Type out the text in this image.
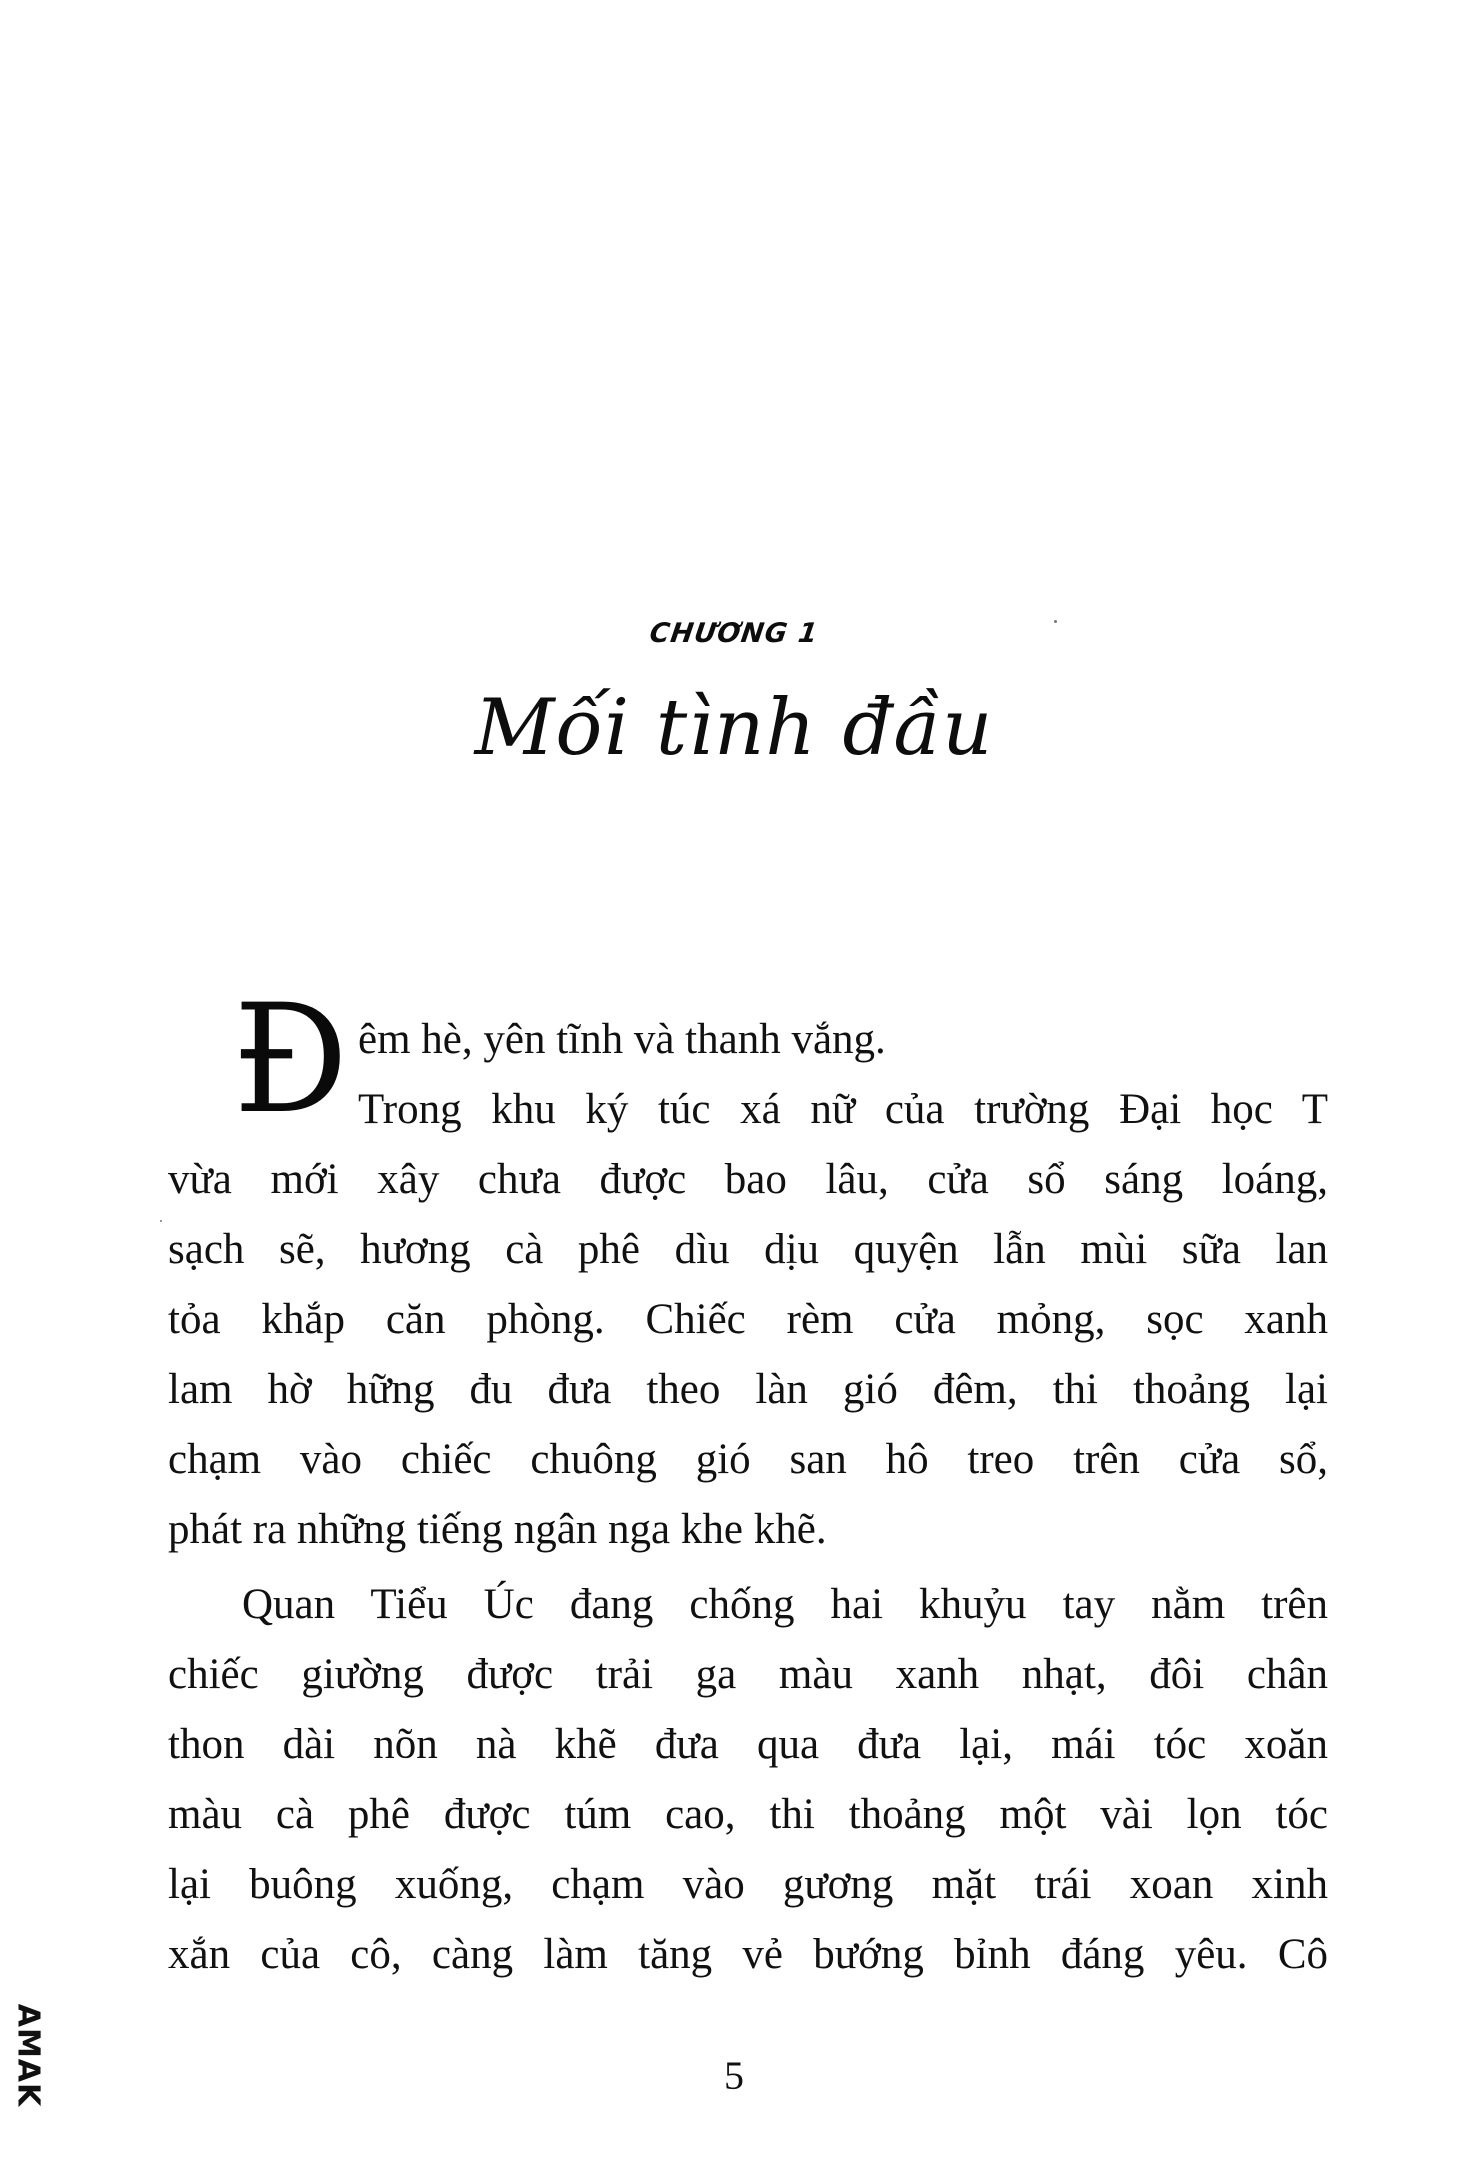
CHƯƠNG 1
Mối tình đầu
Đ êm hè, yên tĩnh và thanh vắng.
Trong khu ký túc xá nữ của trường Đại học T
vừa mới xây chưa được bao lâu, cửa sổ sáng loáng,
sạch sẽ, hương cà phê dìu dịu quyện lẫn mùi sữa lan
tỏa khắp căn phòng. Chiếc rèm cửa mỏng, sọc xanh
lam hờ hững đu đưa theo làn gió đêm, thi thoảng lại
chạm vào chiếc chuông gió san hô treo trên cửa sổ,
phát ra những tiếng ngân nga khe khẽ.
Quan Tiểu Úc đang chống hai khuỷu tay nằm trên
chiếc giường được trải ga màu xanh nhạt, đôi chân
thon dài nõn nà khẽ đưa qua đưa lại, mái tóc xoăn
màu cà phê được túm cao, thi thoảng một vài lọn tóc
lại buông xuống, chạm vào gương mặt trái xoan xinh
xắn của cô, càng làm tăng vẻ bướng bỉnh đáng yêu. Cô
5
AMAK
